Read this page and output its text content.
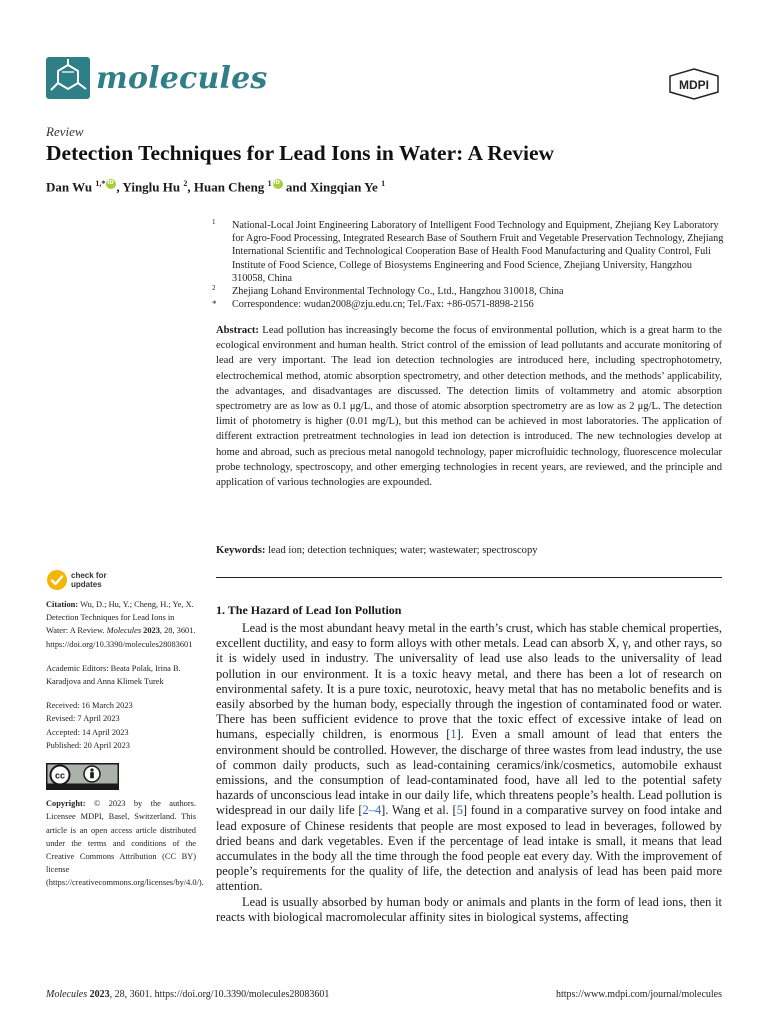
molecules	MDPI
Review
Detection Techniques for Lead Ions in Water: A Review
Dan Wu $^{1,*}$iD , Yinglu Hu $^2$, Huan Cheng $^1$iD and Xingqian Ye $^1$
1 National-Local Joint Engineering Laboratory of Intelligent Food Technology and Equipment, Zhejiang Key Laboratory for Agro-Food Processing, Integrated Research Base of Southern Fruit and Vegetable Preservation Technology, Zhejiang International Scientific and Technological Cooperation Base of Health Food Manufacturing and Quality Control, Fuli Institute of Food Science, College of Biosystems Engineering and Food Science, Zhejiang University, Hangzhou 310058, China
2 Zhejiang Lohand Environmental Technology Co., Ltd., Hangzhou 310018, China
* Correspondence: wudan2008@zju.edu.cn; Tel./Fax: +86-0571-8898-2156
Abstract: Lead pollution has increasingly become the focus of environmental pollution, which is a great harm to the ecological environment and human health. Strict control of the emission of lead pollutants and accurate monitoring of lead are very important. The lead ion detection technologies are introduced here, including spectrophotometry, electrochemical method, atomic absorption spectrometry, and other detection methods, and the methods’ applicability, the advantages, and disadvantages are discussed. The detection limits of voltammetry and atomic absorption spectrometry are as low as 0.1 μg/L, and those of atomic absorption spectrometry are as low as 2 μg/L. The detection limit of photometry is higher (0.01 mg/L), but this method can be achieved in most laboratories. The application of different extraction pretreatment technologies in lead ion detection is introduced. The new technologies develop at home and abroad, such as precious metal nanogold technology, paper microfluidic technology, fluorescence molecular probe technology, spectroscopy, and other emerging technologies in recent years, are reviewed, and the principle and application of various technologies are expounded.
Keywords: lead ion; detection techniques; water; wastewater; spectroscopy
check for
updates
Citation: Wu, D.; Hu, Y.; Cheng, H.; Ye, X. Detection Techniques for Lead Ions in Water: A Review. Molecules 2023, 28, 3601. https://doi.org/10.3390/molecules28083601
Academic Editors: Beata Polak, Irina B. Karadjova and Anna Klimek Turek
Received: 16 March 2023
Revised: 7 April 2023
Accepted: 14 April 2023
Published: 20 April 2023
cc
Copyright: © 2023 by the authors. Licensee MDPI, Basel, Switzerland. This article is an open access article distributed under the terms and conditions of the Creative Commons Attribution (CC BY) license (https://creativecommons.org/licenses/by/4.0/).
1. The Hazard of Lead Ion Pollution

Lead is the most abundant heavy metal in the earth’s crust, which has stable chemical properties, excellent ductility, and easy to form alloys with other metals. Lead can absorb X, γ, and other rays, so it is widely used in industry. The universality of lead use also leads to the universality of lead pollution in our environment. It is a toxic heavy metal, and there has been a lot of research on environmental safety. It is a pure toxic, neurotoxic, heavy metal that has no metabolic benefits and is easily absorbed by the human body, especially through the ingestion of contaminated food or water. There has been sufficient evidence to prove that the toxic effect of excessive intake of lead on humans, especially children, is enormous [1]. Even a small amount of lead that enters the environment should be controlled. However, the discharge of three wastes from lead industry, the use of common daily products, such as lead-containing ceramics/ink/cosmetics, automobile exhaust emissions, and the consumption of lead-contaminated food, have all led to the potential safety hazards of unconscious lead intake in our daily life, which threatens people’s health. Lead pollution is widespread in our daily life [2–4]. Wang et al. [5] found in a comparative survey on food intake and lead exposure of Chinese residents that people are most exposed to lead in beverages, followed by dried beans and dark vegetables. Even if the percentage of lead intake is small, it means that lead accumulates in the body all the time through the food people eat every day. With the improvement of people’s requirements for the quality of life, the detection and analysis of lead has been paid more attention.

Lead is usually absorbed by human body or animals and plants in the form of lead ions, then it reacts with biological macromolecular affinity sites in biological systems, affecting

Molecules 2023, 28, 3601. https://doi.org/10.3390/molecules28083601	https://www.mdpi.com/journal/molecules
